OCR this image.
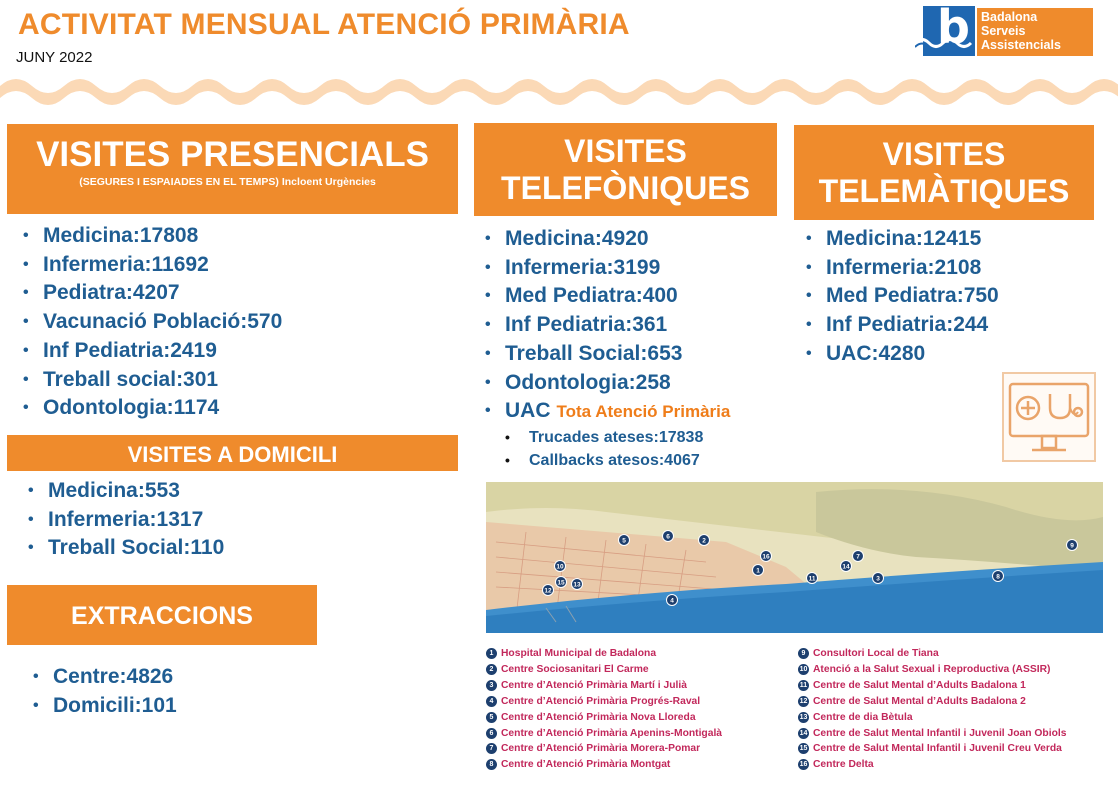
ACTIVITAT MENSUAL ATENCIÓ PRIMÀRIA
JUNY 2022
b Badalona
Serveis
Assistencials
VISITES PRESENCIALS
(SEGURES I ESPAIADES EN EL TEMPS) Incloent Urgències
• Medicina:17808
• Infermeria:11692
• Pediatra:4207
• Vacunació Població:570
• Inf Pediatria:2419
• Treball social:301
• Odontologia:1174
VISITES A DOMICILI
• Medicina:553
• Infermeria:1317
• Treball Social:110
EXTRACCIONS
• Centre:4826
• Domicili:101
VISITES
TELEFÒNIQUES
• Medicina:4920
• Infermeria:3199
• Med Pediatra:400
• Inf Pediatria:361
• Treball Social:653
• Odontologia:258
• UAC Tota Atenció Primària
• Trucades ateses:17838
• Callbacks atesos:4067
VISITES
TELEMÀTIQUES
• Medicina:12415
• Infermeria:2108
• Med Pediatra:750
• Inf Pediatria:244
• UAC:4280
1
2
3
4
5
6
7
8
9
10
11
12
13
14
15
16
1 Hospital Municipal de Badalona
2 Centre Sociosanitari El Carme
3 Centre d’Atenció Primària Martí i Julià
4 Centre d’Atenció Primària Progrés-Raval
5 Centre d’Atenció Primària Nova Lloreda
6 Centre d’Atenció Primària Apenins-Montigalà
7 Centre d’Atenció Primària Morera-Pomar
8 Centre d’Atenció Primària Montgat
9 Consultori Local de Tiana
10 Atenció a la Salut Sexual i Reproductiva (ASSIR)
11 Centre de Salut Mental d’Adults Badalona 1
12 Centre de Salut Mental d’Adults Badalona 2
13 Centre de dia Bètula
14 Centre de Salut Mental Infantil i Juvenil Joan Obiols
15 Centre de Salut Mental Infantil i Juvenil Creu Verda
16 Centre Delta
